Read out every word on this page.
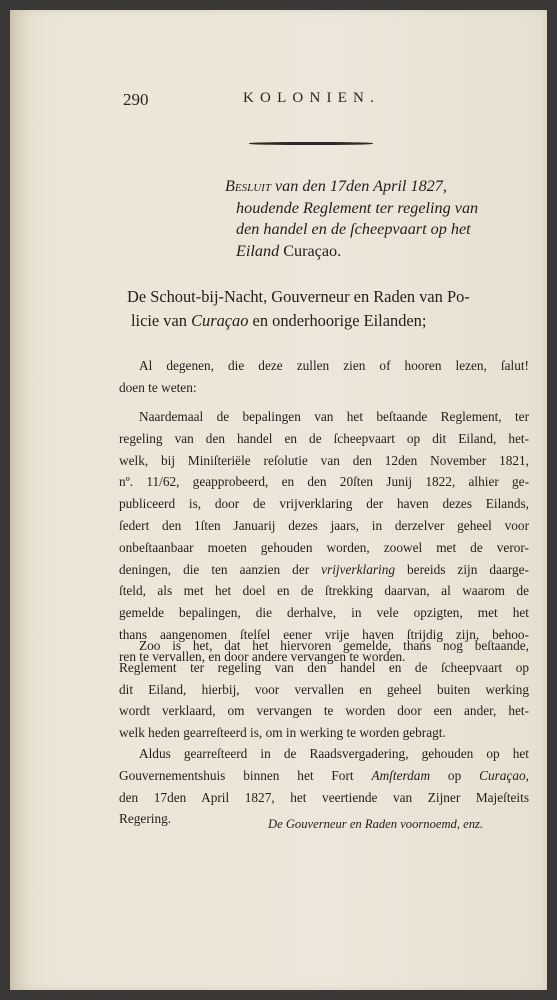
290	KOLONIEN.
Besluit van den 17den April 1827,
houdende Reglement ter regeling van
den handel en de ſcheepvaart op het
Eiland Curaçao.
De Schout-bij-Nacht, Gouverneur en Raden van Po-
licie van Curaçao en onderhoorige Eilanden;
Al degenen, die deze zullen zien of hooren lezen, ſalut!
doen te weten:
Naardemaal de bepalingen van het beſtaande Reglement, ter
regeling van den handel en de ſcheepvaart op dit Eiland, het-
welk, bij Miniſteriële reſolutie van den 12den November 1821,
nº. 11/62, geapprobeerd, en den 20ſten Junij 1822, alhier ge-
publiceerd is, door de vrijverklaring der haven dezes Eilands,
ſedert den 1ſten Januarij dezes jaars, in derzelver geheel voor
onbeſtaanbaar moeten gehouden worden, zoowel met de veror-
deningen, die ten aanzien der vrijverklaring bereids zijn daarge-
ſteld, als met het doel en de ſtrekking daarvan, al waarom de
gemelde bepalingen, die derhalve, in vele opzigten, met het
thans aangenomen ſtelſel eener vrije haven ſtrijdig zijn, behoo-
ren te vervallen, en door andere vervangen te worden.
Zoo is het, dat het hiervoren gemelde, thans nog beſtaande,
Reglement ter regeling van den handel en de ſcheepvaart op
dit Eiland, hierbij, voor vervallen en geheel buiten werking
wordt verklaard, om vervangen te worden door een ander, het-
welk heden gearreſteerd is, om in werking te worden gebragt.
Aldus gearreſteerd in de Raadsvergadering, gehouden op het
Gouvernementshuis binnen het Fort Amſterdam op Curaçao,
den 17den April 1827, het veertiende van Zijner Majeſteits
Regering.	De Gouverneur en Raden voornoemd, enz.
